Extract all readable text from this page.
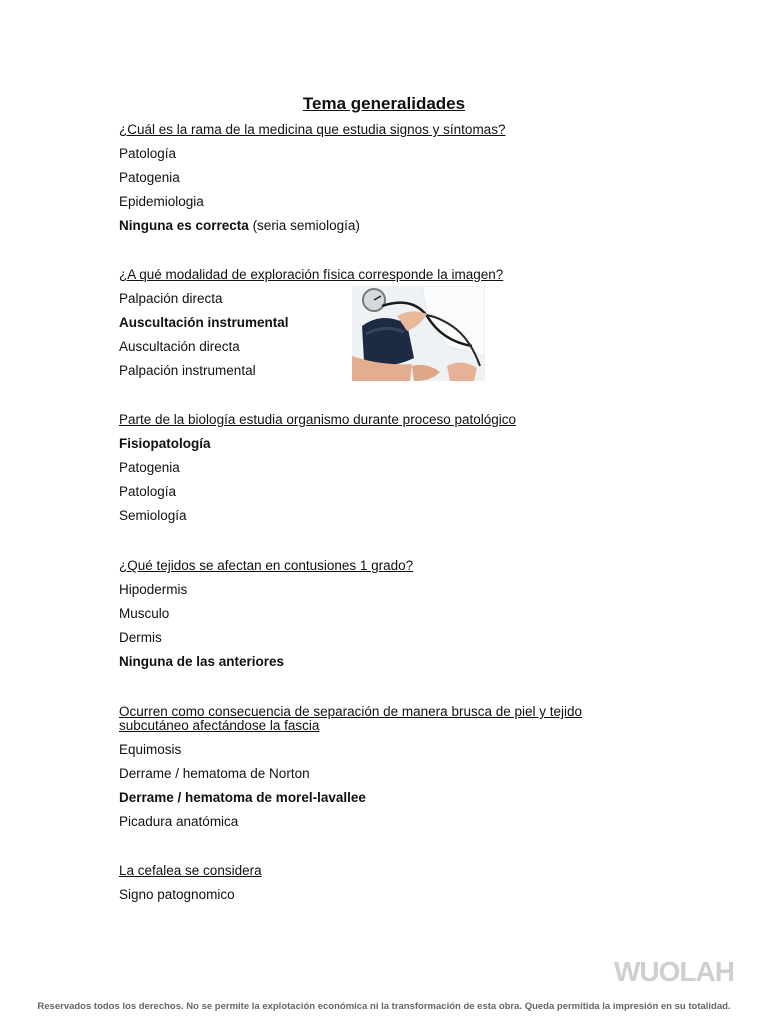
Tema generalidades

¿Cuál es la rama de la medicina que estudia signos y síntomas?

Patología

Patogenia

Epidemiologia

Ninguna es correcta (seria semiología)

¿A qué modalidad de exploración física corresponde la imagen?

Palpación directa

Auscultación instrumental

Auscultación directa

Palpación instrumental

Parte de la biología estudia organismo durante proceso patológico

Fisiopatología

Patogenia

Patología

Semiología

¿Qué tejidos se afectan en contusiones 1 grado?

Hipodermis

Musculo

Dermis

Ninguna de las anteriores

Ocurren como consecuencia de separación de manera brusca de piel y tejido

subcutáneo afectándose la fascia

Equimosis

Derrame / hematoma de Norton

Derrame / hematoma de morel-lavallee

Picadura anatómica

La cefalea se considera

Signo patognomico

WUOLAH
Reservados todos los derechos. No se permite la explotación económica ni la transformación de esta obra. Queda permitida la impresión en su totalidad.
